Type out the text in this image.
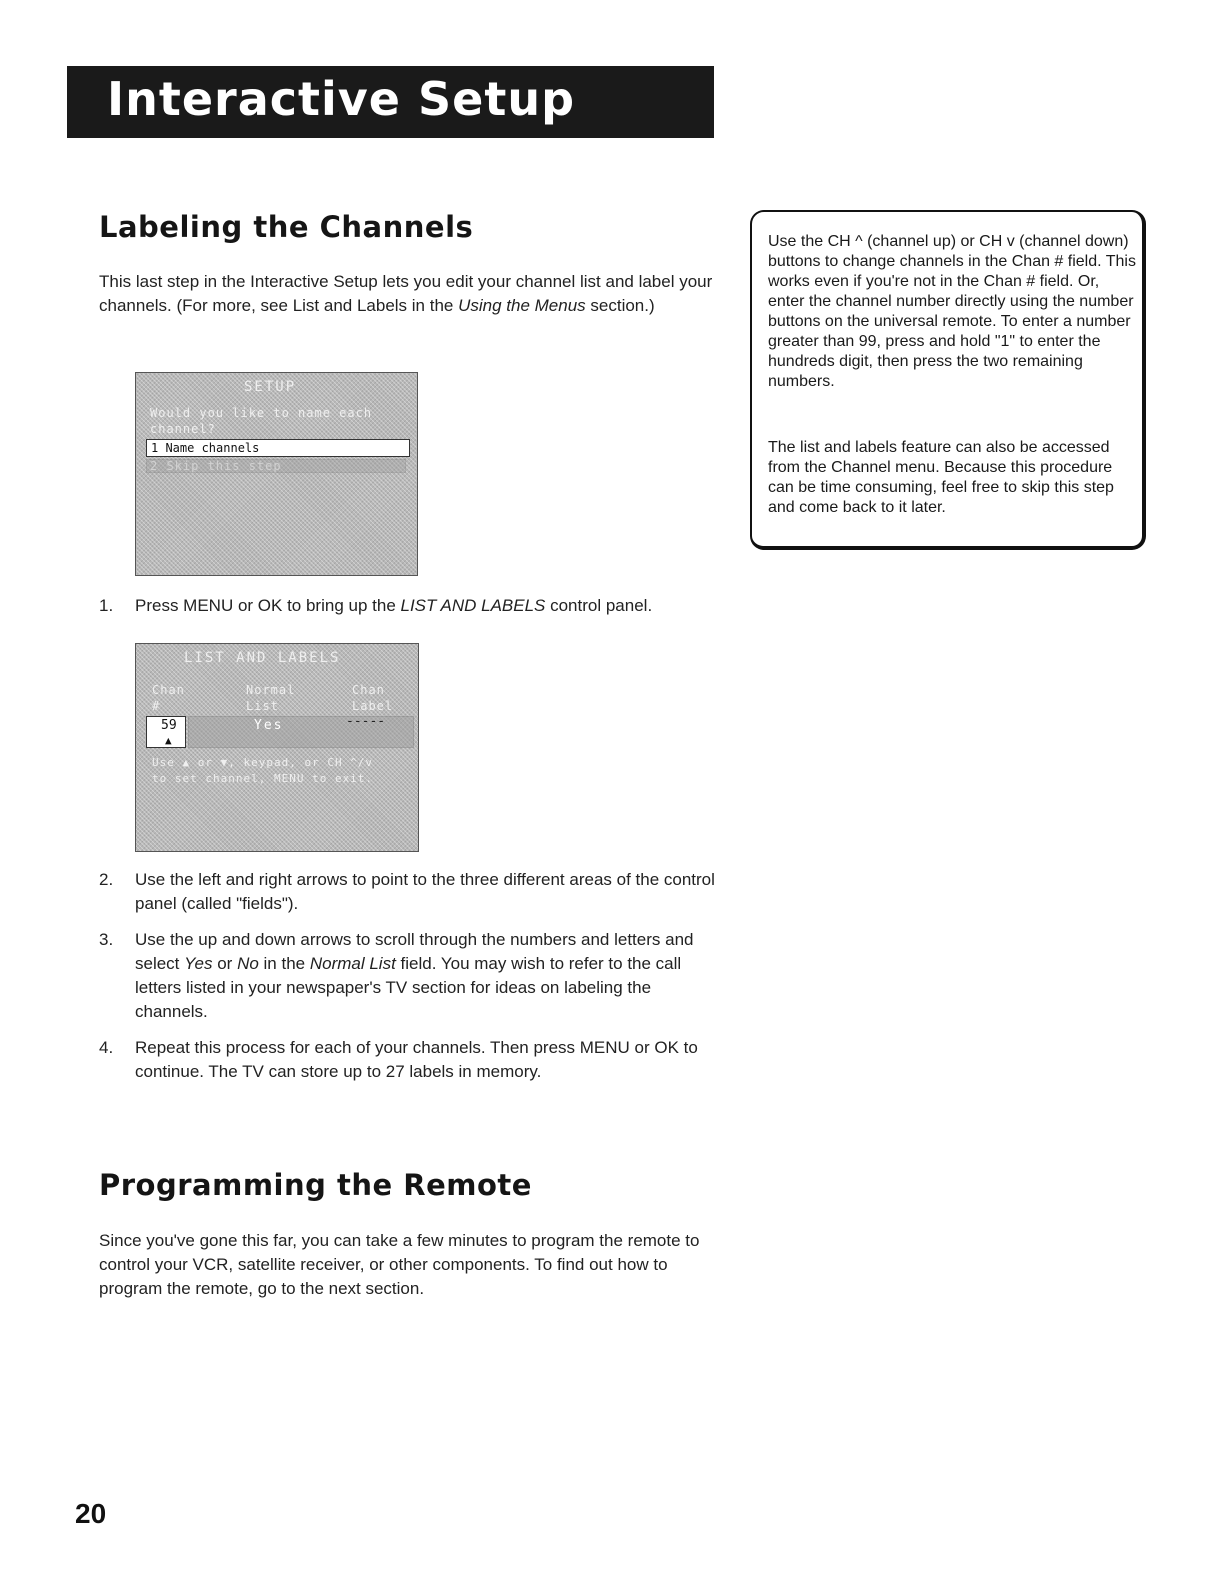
Interactive Setup
Labeling the Channels

This last step in the Interactive Setup lets you edit your channel list and label your channels. (For more, see List and Labels in the Using the Menus section.)

SETUP
Would you like to name each channel?
1 Name channels
2 Skip this step
1. Press MENU or OK to bring up the LIST AND LABELS control panel.
LIST AND LABELS
Chan #
Normal List
Chan Label
59
▲
Yes	-----
Use ▲ or ▼, keypad, or CH ^/v
to set channel, MENU to exit.
2. Use the left and right arrows to point to the three different areas of the control panel (called "fields").
3. Use the up and down arrows to scroll through the numbers and letters and select Yes or No in the Normal List field. You may wish to refer to the call letters listed in your newspaper's TV section for ideas on labeling the channels.
4. Repeat this process for each of your channels. Then press MENU or OK to continue. The TV can store up to 27 labels in memory.

Use the CH ^ (channel up) or CH v (channel down) buttons to change channels in the Chan # field. This works even if you're not in the Chan # field. Or, enter the channel number directly using the number buttons on the universal remote. To enter a number greater than 99, press and hold "1" to enter the hundreds digit, then press the two remaining numbers.

The list and labels feature can also be accessed from the Channel menu. Because this procedure can be time consuming, feel free to skip this step and come back to it later.

Programming the Remote

Since you've gone this far, you can take a few minutes to program the remote to control your VCR, satellite receiver, or other components. To find out how to program the remote, go to the next section.

20
